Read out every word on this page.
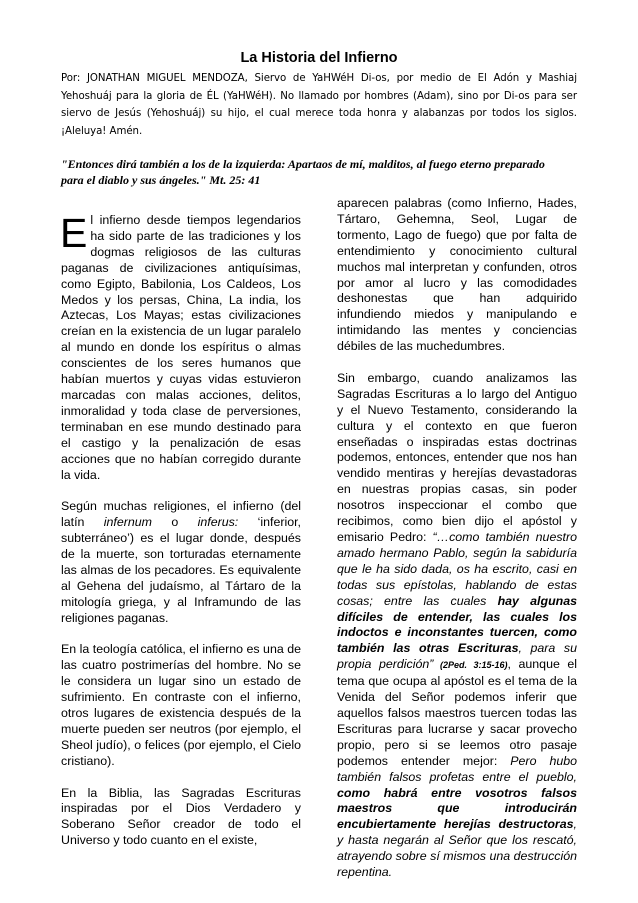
La Historia del Infierno

Por: JONATHAN MIGUEL MENDOZA, Siervo de YaHWéH Di-os, por medio de El Adón y Mashiaj Yehoshuáj para la gloria de ÉL (YaHWéH). No llamado por hombres (Adam), sino por Di-os para ser siervo de Jesús (Yehoshuáj) su hijo, el cual merece toda honra y alabanzas por todos los siglos. ¡Aleluya! Amén.

"Entonces dirá también a los de la izquierda: Apartaos de mí, malditos, al fuego eterno preparado para el diablo y sus ángeles." Mt. 25: 41

El infierno desde tiempos legendarios ha sido parte de las tradiciones y los dogmas religiosos de las culturas paganas de civilizaciones antiquísimas, como Egipto, Babilonia, Los Caldeos, Los Medos y los persas, China, La india, los Aztecas, Los Mayas; estas civilizaciones creían en la existencia de un lugar paralelo al mundo en donde los espíritus o almas conscientes de los seres humanos que habían muertos y cuyas vidas estuvieron marcadas con malas acciones, delitos, inmoralidad y toda clase de perversiones, terminaban en ese mundo destinado para el castigo y la penalización de esas acciones que no habían corregido durante la vida.

Según muchas religiones, el infierno (del latín infernum o inferus: ‘inferior, subterráneo’) es el lugar donde, después de la muerte, son torturadas eternamente las almas de los pecadores. Es equivalente al Gehena del judaísmo, al Tártaro de la mitología griega, y al Inframundo de las religiones paganas.

En la teología católica, el infierno es una de las cuatro postrimerías del hombre. No se le considera un lugar sino un estado de sufrimiento. En contraste con el infierno, otros lugares de existencia después de la muerte pueden ser neutros (por ejemplo, el Sheol judío), o felices (por ejemplo, el Cielo cristiano).

En la Biblia, las Sagradas Escrituras inspiradas por el Dios Verdadero y Soberano Señor creador de todo el Universo y todo cuanto en el existe,

aparecen palabras (como Infierno, Hades, Tártaro, Gehemna, Seol, Lugar de tormento, Lago de fuego) que por falta de entendimiento y conocimiento cultural muchos mal interpretan y confunden, otros por amor al lucro y las comodidades deshonestas que han adquirido infundiendo miedos y manipulando e intimidando las mentes y conciencias débiles de las muchedumbres.

Sin embargo, cuando analizamos las Sagradas Escrituras a lo largo del Antiguo y el Nuevo Testamento, considerando la cultura y el contexto en que fueron enseñadas o inspiradas estas doctrinas podemos, entonces, entender que nos han vendido mentiras y herejías devastadoras en nuestras propias casas, sin poder nosotros inspeccionar el combo que recibimos, como bien dijo el apóstol y emisario Pedro: “…como también nuestro amado hermano Pablo, según la sabiduría que le ha sido dada, os ha escrito, casi en todas sus epístolas, hablando de estas cosas; entre las cuales hay algunas difíciles de entender, las cuales los indoctos e inconstantes tuercen, como también las otras Escrituras, para su propia perdición” (2Ped. 3:15-16), aunque el tema que ocupa al apóstol es el tema de la Venida del Señor podemos inferir que aquellos falsos maestros tuercen todas las Escrituras para lucrarse y sacar provecho propio, pero si se leemos otro pasaje podemos entender mejor: Pero hubo también falsos profetas entre el pueblo, como habrá entre vosotros falsos maestros que introducirán encubiertamente herejías destructoras, y hasta negarán al Señor que los rescató, atrayendo sobre sí mismos una destrucción repentina.
